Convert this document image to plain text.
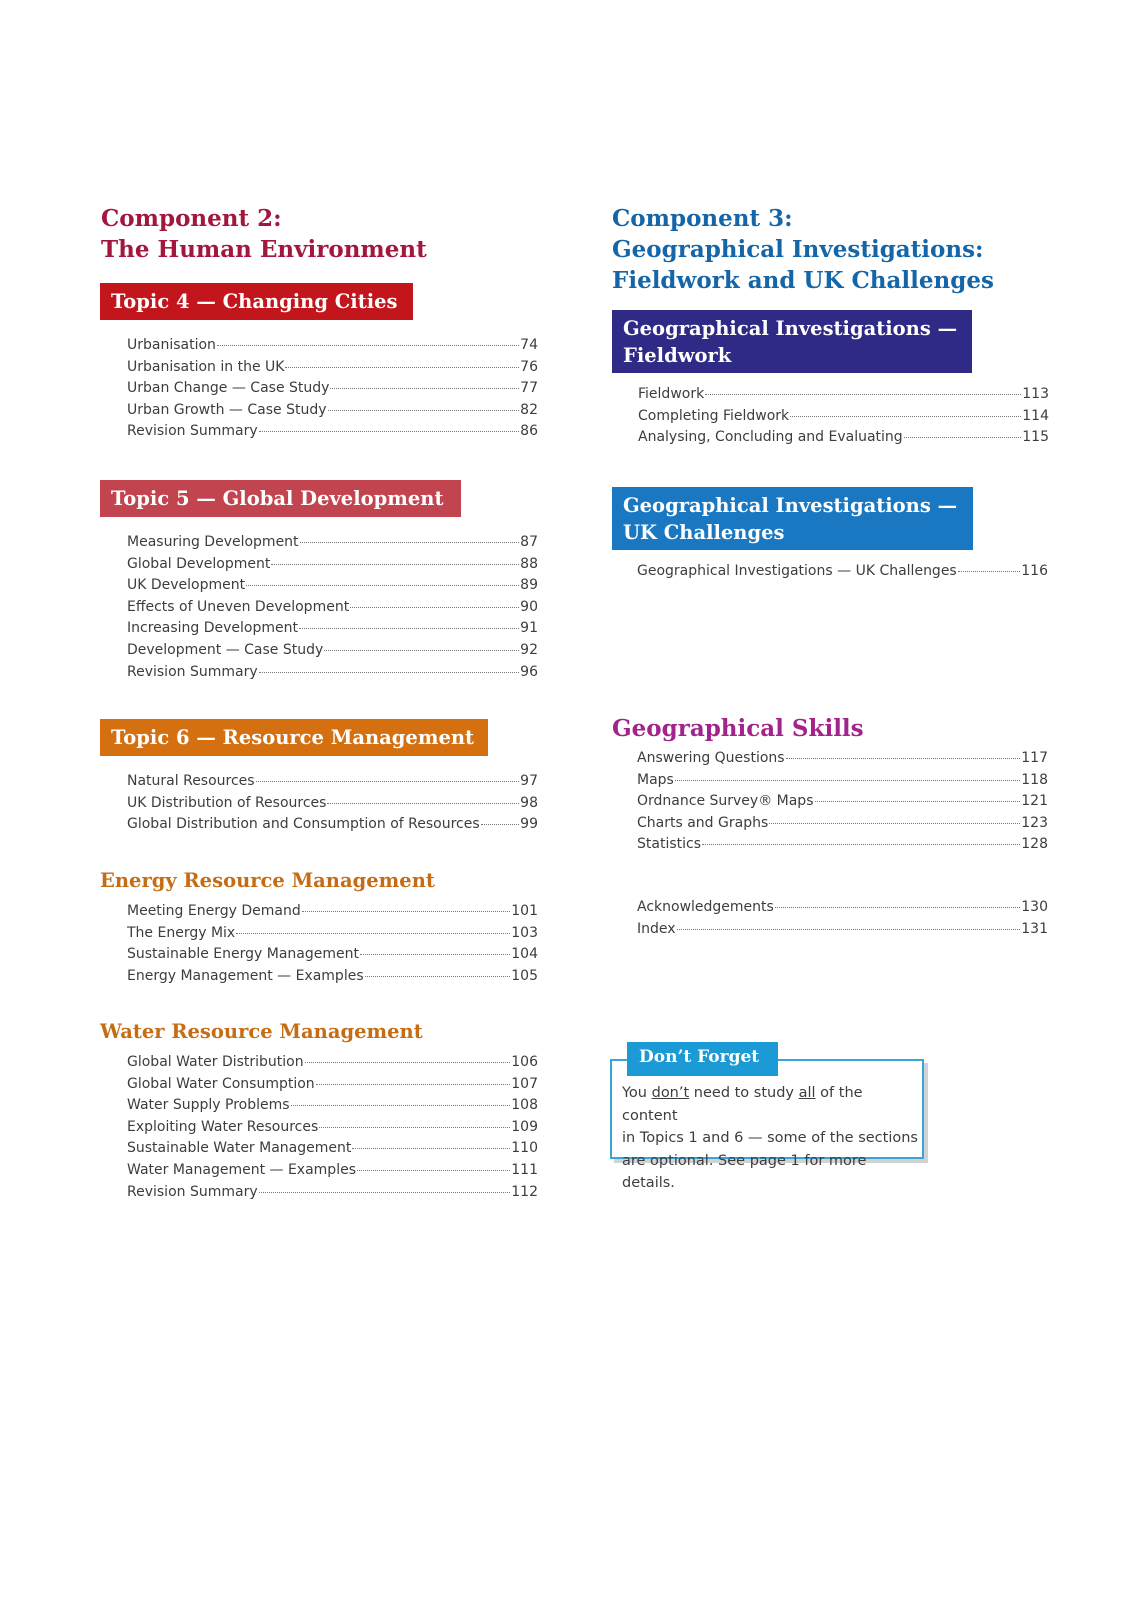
Component 2:
The Human Environment
Topic 4 — Changing Cities
Urbanisation	74
Urbanisation in the UK	76
Urban Change — Case Study	77
Urban Growth — Case Study	82
Revision Summary	86
Topic 5 — Global Development
Measuring Development	87
Global Development	88
UK Development	89
Effects of Uneven Development	90
Increasing Development	91
Development — Case Study	92
Revision Summary	96
Topic 6 — Resource Management
Natural Resources	97
UK Distribution of Resources	98
Global Distribution and Consumption of Resources	99
Energy Resource Management
Meeting Energy Demand	101
The Energy Mix	103
Sustainable Energy Management	104
Energy Management — Examples	105
Water Resource Management
Global Water Distribution	106
Global Water Consumption	107
Water Supply Problems	108
Exploiting Water Resources	109
Sustainable Water Management	110
Water Management — Examples	111
Revision Summary	112
Component 3:
Geographical Investigations:
Fieldwork and UK Challenges
Geographical Investigations —
Fieldwork
Fieldwork	113
Completing Fieldwork	114
Analysing, Concluding and Evaluating	115
Geographical Investigations —
UK Challenges
Geographical Investigations — UK Challenges	116
Geographical Skills
Answering Questions	117
Maps	118
Ordnance Survey® Maps	121
Charts and Graphs	123
Statistics	128
Acknowledgements	130
Index	131
Don’t Forget
You don’t need to study all of the content
in Topics 1 and 6 — some of the sections
are optional. See page 1 for more details.
